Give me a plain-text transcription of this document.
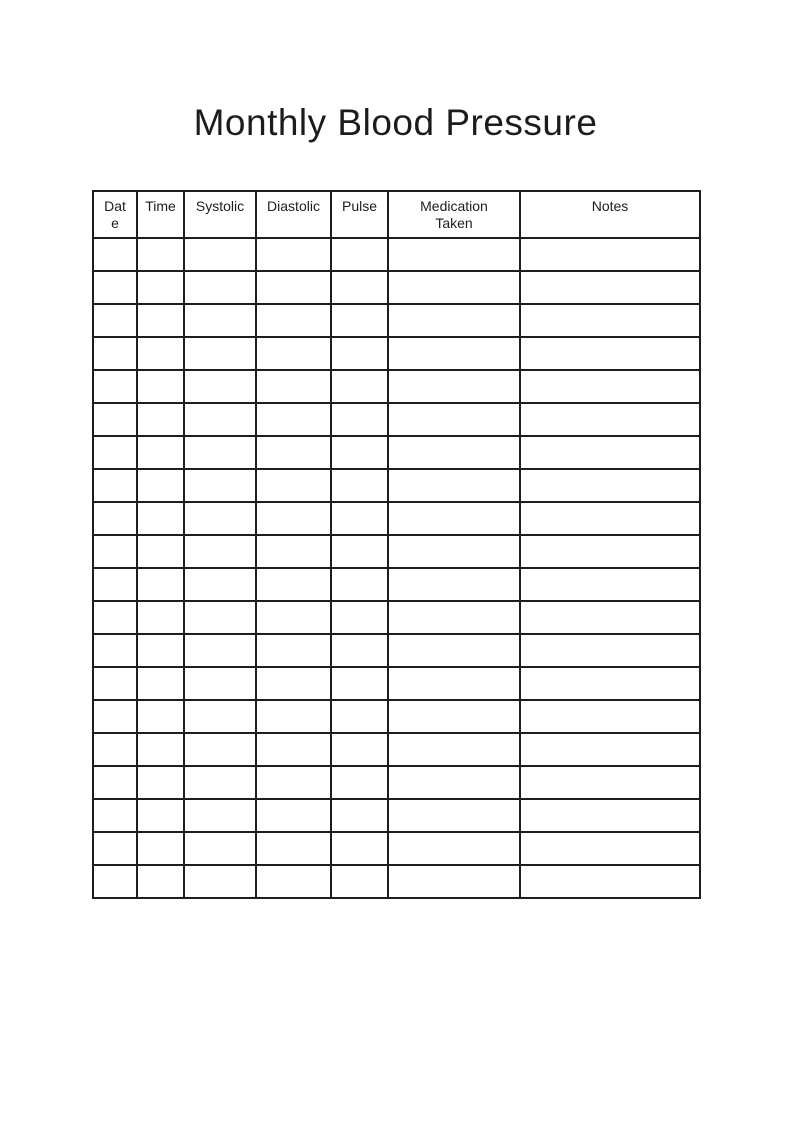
Monthly Blood Pressure
Date	Time	Systolic	Diastolic	Pulse	Medication Taken	Notes
